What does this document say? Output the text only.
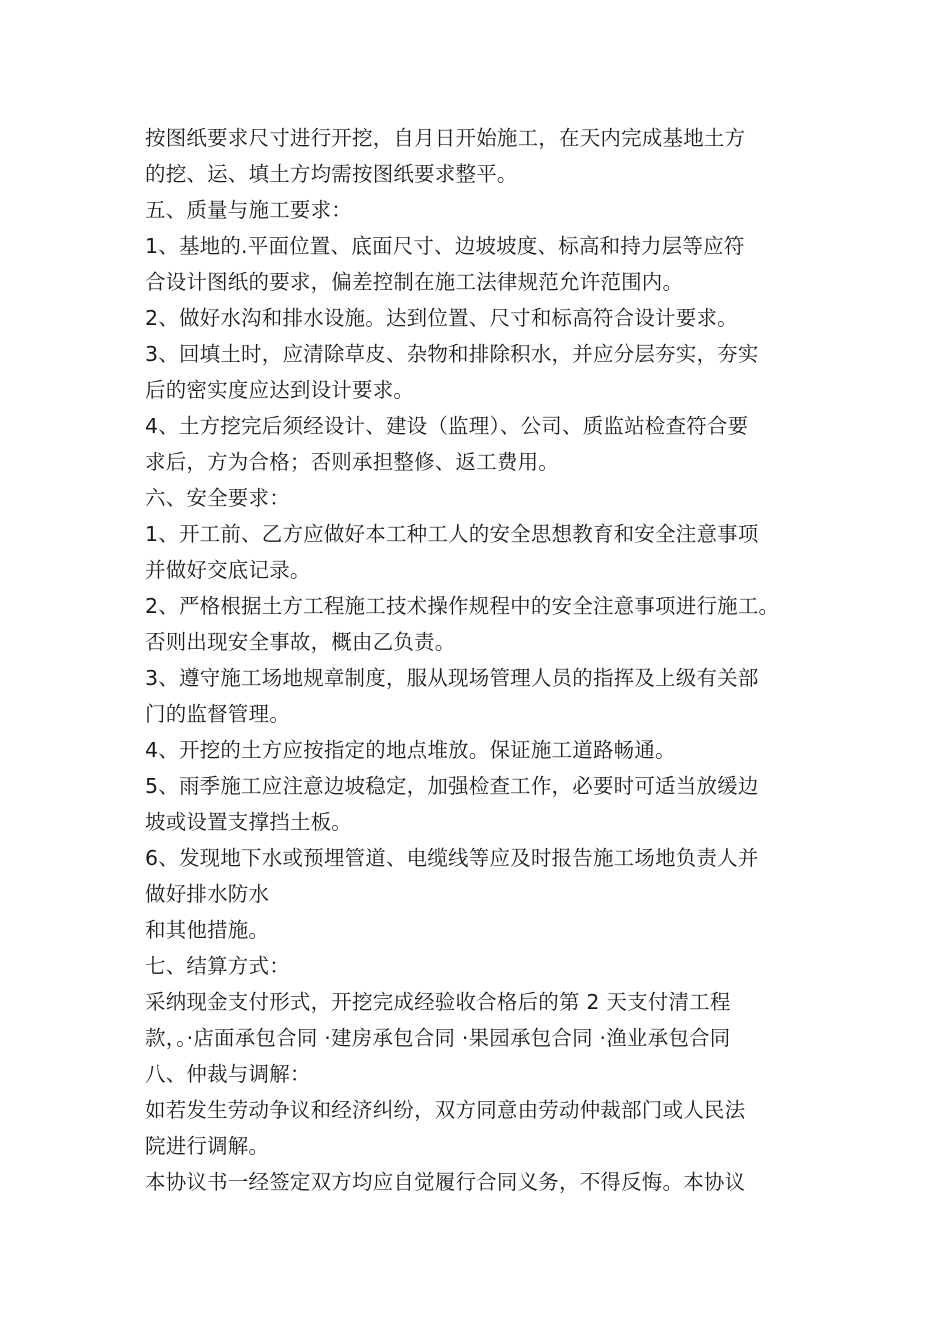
按图纸要求尺寸进行开挖，自月日开始施工，在天内完成基地土方
的挖、运、填土方均需按图纸要求整平。
五、质量与施工要求：
1、基地的.平面位置、底面尺寸、边坡坡度、标高和持力层等应符
合设计图纸的要求，偏差控制在施工法律规范允许范围内。
2、做好水沟和排水设施。达到位置、尺寸和标高符合设计要求。
3、回填土时，应清除草皮、杂物和排除积水，并应分层夯实，夯实
后的密实度应达到设计要求。
4、土方挖完后须经设计、建设（监理）、公司、质监站检查符合要
求后，方为合格；否则承担整修、返工费用。
六、安全要求：
1、开工前、乙方应做好本工种工人的安全思想教育和安全注意事项
并做好交底记录。
2、严格根据土方工程施工技术操作规程中的安全注意事项进行施工。
否则出现安全事故，概由乙负责。
3、遵守施工场地规章制度，服从现场管理人员的指挥及上级有关部
门的监督管理。
4、开挖的土方应按指定的地点堆放。保证施工道路畅通。
5、雨季施工应注意边坡稳定，加强检查工作，必要时可适当放缓边
坡或设置支撑挡土板。
6、发现地下水或预埋管道、电缆线等应及时报告施工场地负责人并
做好排水防水
和其他措施。
七、结算方式：
采纳现金支付形式，开挖完成经验收合格后的第 2 天支付清工程
款，。·店面承包合同 ·建房承包合同 ·果园承包合同 ·渔业承包合同
八、仲裁与调解：
如若发生劳动争议和经济纠纷，双方同意由劳动仲裁部门或人民法
院进行调解。
本协议书一经签定双方均应自觉履行合同义务，不得反悔。本协议
